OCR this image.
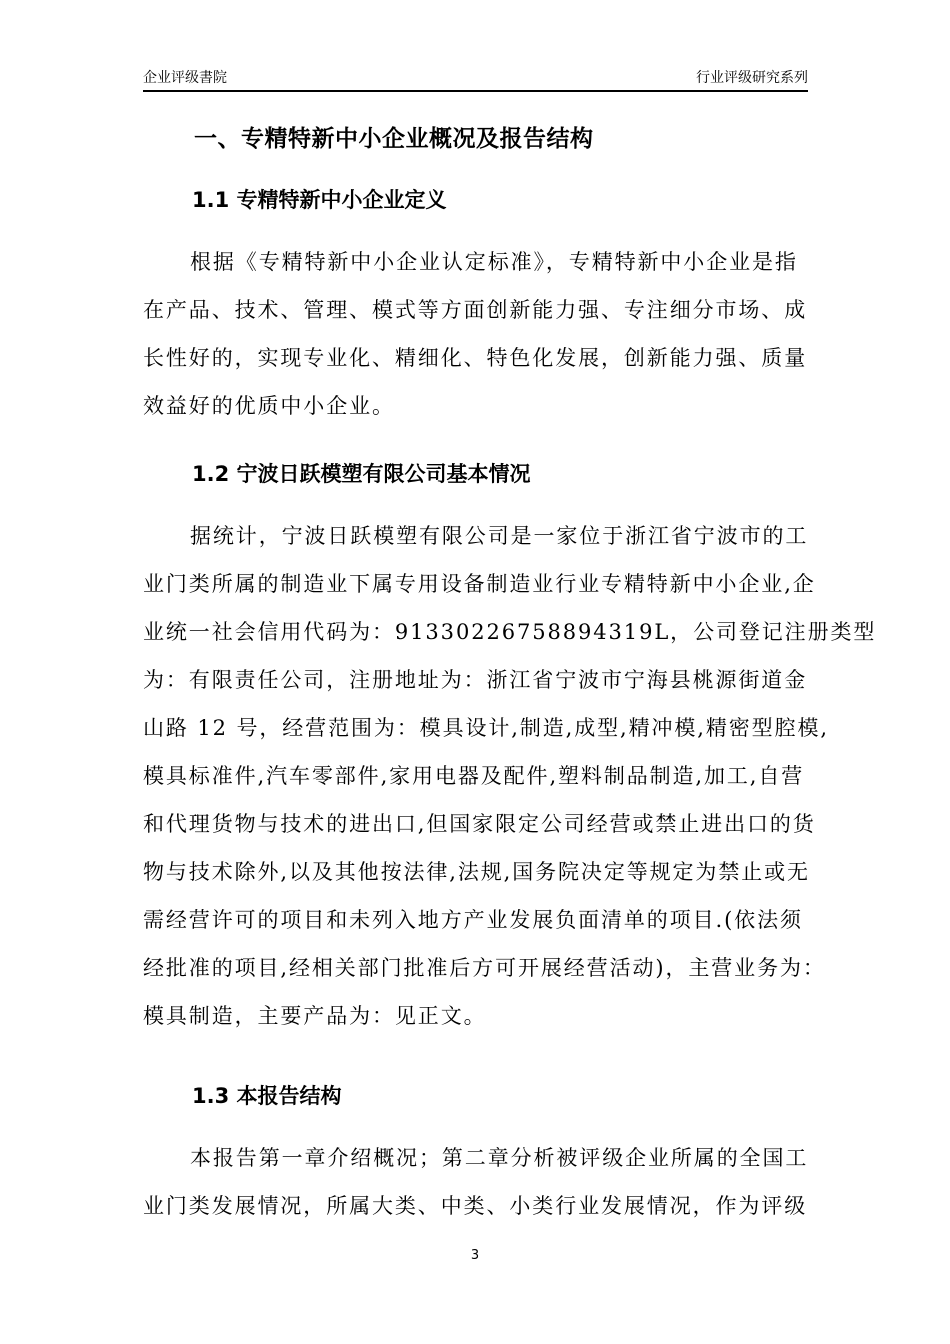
企业评级書院	行业评级研究系列
一、专精特新中小企业概况及报告结构
1.1 专精特新中小企业定义
根据《专精特新中小企业认定标准》，专精特新中小企业是指
在产品、技术、管理、模式等方面创新能力强、专注细分市场、成
长性好的，实现专业化、精细化、特色化发展，创新能力强、质量
效益好的优质中小企业。
1.2 宁波日跃模塑有限公司基本情况
据统计，宁波日跃模塑有限公司是一家位于浙江省宁波市的工
业门类所属的制造业下属专用设备制造业行业专精特新中小企业,企
业统一社会信用代码为：91330226758894319L，公司登记注册类型
为：有限责任公司，注册地址为：浙江省宁波市宁海县桃源街道金
山路 12 号，经营范围为：模具设计,制造,成型,精冲模,精密型腔模,
模具标准件,汽车零部件,家用电器及配件,塑料制品制造,加工,自营
和代理货物与技术的进出口,但国家限定公司经营或禁止进出口的货
物与技术除外,以及其他按法律,法规,国务院决定等规定为禁止或无
需经营许可的项目和未列入地方产业发展负面清单的项目.(依法须
经批准的项目,经相关部门批准后方可开展经营活动)，主营业务为：
模具制造，主要产品为：见正文。
1.3 本报告结构
本报告第一章介绍概况；第二章分析被评级企业所属的全国工
业门类发展情况，所属大类、中类、小类行业发展情况，作为评级
3
